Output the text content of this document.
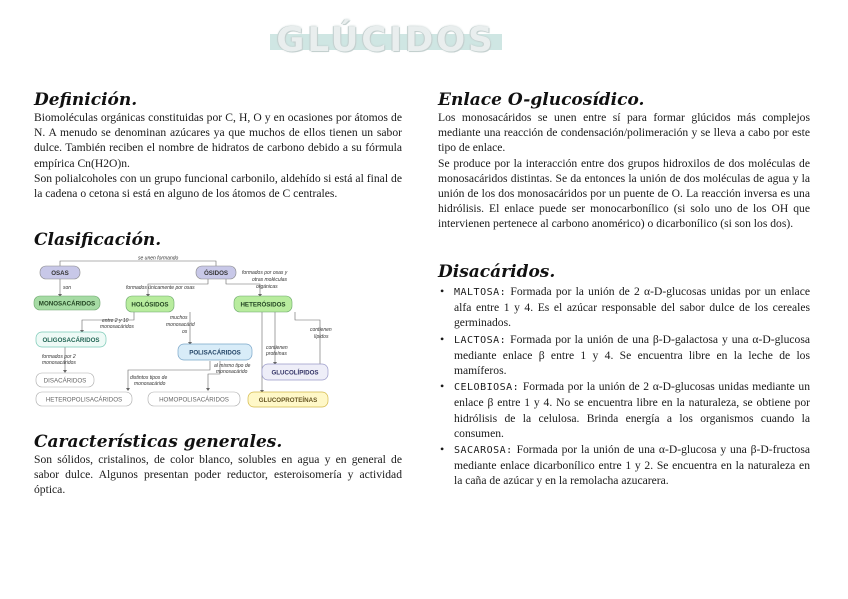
GLÚCIDOS
Definición.

Biomoléculas orgánicas constituidas por C, H, O y en ocasiones por átomos de N. A menudo se denominan azúcares ya que muchos de ellos tienen un sabor dulce. También reciben el nombre de hidratos de carbono debido a su fórmula empírica Cn(H2O)n.

Son polialcoholes con un grupo funcional carbonilo, aldehído si está al final de la cadena o cetona si está en alguno de los átomos de C centrales.

Clasificación.
OSAS	ÓSIDOS
MONOSACÁRIDOS	HOLÓSIDOS	HETERÓSIDOS
OLIGOSACÁRIDOS
POLISACÁRIDOS
DISACÁRIDOS
GLUCOLÍPIDOS
HETEROPOLISACÁRIDOS	HOMOPOLISACÁRIDOS	GLUCOPROTEÍNAS
se unen formando
son	formados únicamente por osas
formados por osas y
otras moléculas
orgánicas
entre 2 y 10
monosacáridos
muchos
monosacárid
os	contienen
lípidos
formados por 2
monosacáridos
contienen
proteínas
distintos tipos de
monosacárido
al mismo tipo de
monosacárido
Características generales.

Son sólidos, cristalinos, de color blanco, solubles en agua y en general de sabor dulce. Algunos presentan poder reductor, esteroisomería y actividad óptica.

Enlace O-glucosídico.

Los monosacáridos se unen entre sí para formar glúcidos más complejos mediante una reacción de condensación/polimeración y se lleva a cabo por este tipo de enlace.

Se produce por la interacción entre dos grupos hidroxilos de dos moléculas de monosacáridos distintas. Se da entonces la unión de dos moléculas de agua y la unión de los dos monosacáridos por un puente de O. La reacción inversa es una hidrólisis. El enlace puede ser monocarbonílico (si solo uno de los OH que intervienen pertenece al carbono anomérico) o dicarbonílico (si son los dos).

Disacáridos.
• MALTOSA: Formada por la unión de 2 α-D-glucosas unidas por un enlace alfa entre 1 y 4. Es el azúcar responsable del sabor dulce de los cereales germinados.
• LACTOSA: Formada por la unión de una β-D-galactosa y una α-D-glucosa mediante enlace β entre 1 y 4. Se encuentra libre en la leche de los mamíferos.
• CELOBIOSA: Formada por la unión de 2 α-D-glucosas unidas mediante un enlace β entre 1 y 4. No se encuentra libre en la naturaleza, se obtiene por hidrólisis de la celulosa. Brinda energía a los organismos cuando la consumen.
• SACAROSA: Formada por la unión de una α-D-glucosa y una β-D-fructosa mediante enlace dicarbonílico entre 1 y 2. Se encuentra en la naturaleza en la caña de azúcar y en la remolacha azucarera.
